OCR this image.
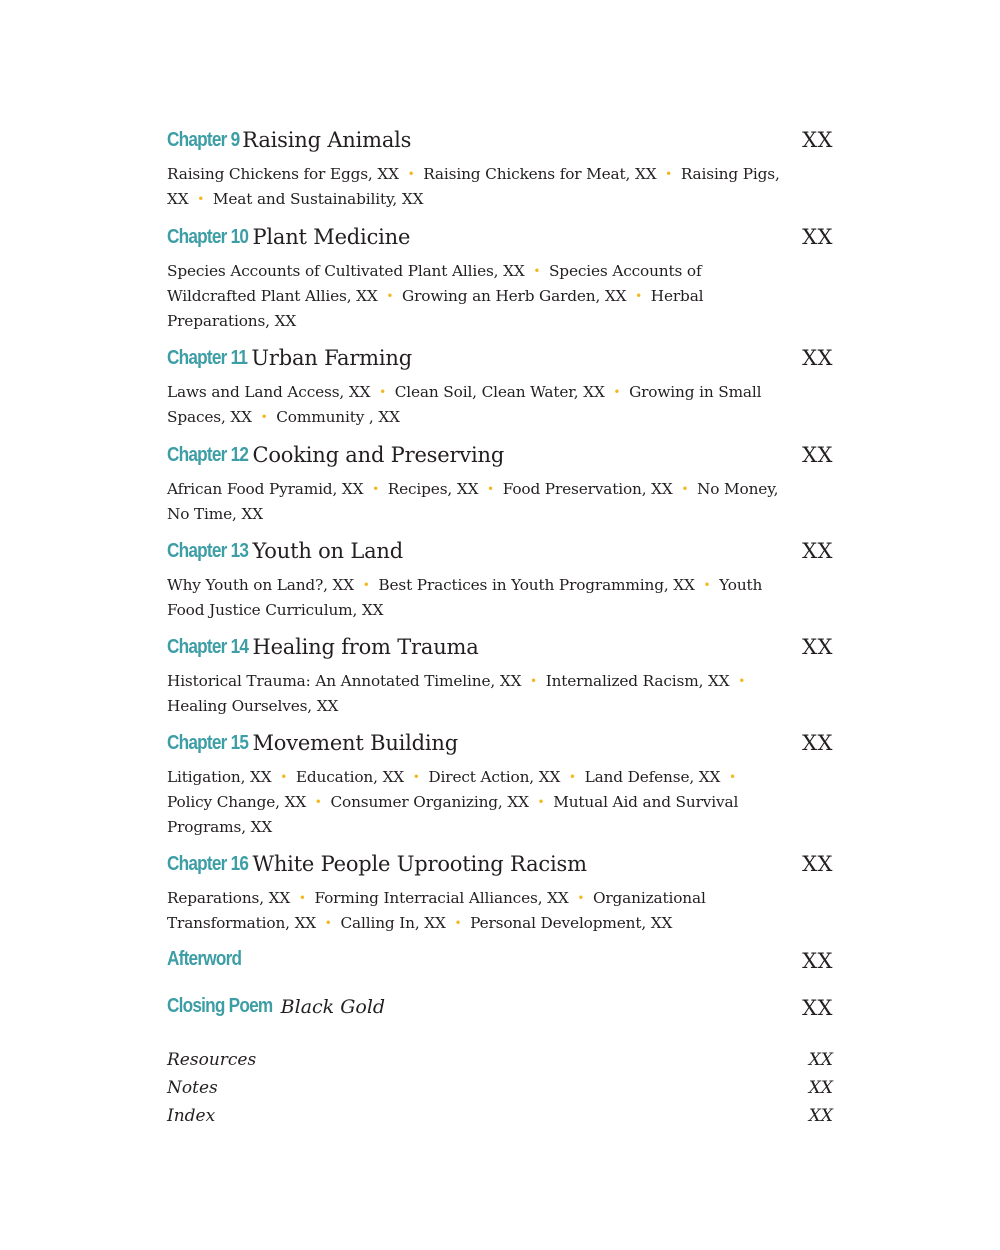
Chapter 9 Raising Animals	XX
Raising Chickens for Eggs, XX • Raising Chickens for Meat, XX • Raising Pigs, XX • Meat and Sustainability, XX
Chapter 10 Plant Medicine	XX
Species Accounts of Cultivated Plant Allies, XX • Species Accounts of Wildcrafted Plant Allies, XX • Growing an Herb Garden, XX • Herbal Preparations, XX
Chapter 11 Urban Farming	XX
Laws and Land Access, XX • Clean Soil, Clean Water, XX • Growing in Small Spaces, XX • Community , XX
Chapter 12 Cooking and Preserving	XX
African Food Pyramid, XX • Recipes, XX • Food Preservation, XX • No Money, No Time, XX
Chapter 13 Youth on Land	XX
Why Youth on Land?, XX • Best Practices in Youth Programming, XX • Youth Food Justice Curriculum, XX
Chapter 14 Healing from Trauma	XX
Historical Trauma: An Annotated Timeline, XX • Internalized Racism, XX • Healing Ourselves, XX
Chapter 15 Movement Building	XX
Litigation, XX • Education, XX • Direct Action, XX • Land Defense, XX • Policy Change, XX • Consumer Organizing, XX • Mutual Aid and Survival Programs, XX
Chapter 16 White People Uprooting Racism	XX
Reparations, XX • Forming Interracial Alliances, XX • Organizational Transformation, XX • Calling In, XX • Personal Development, XX
Afterword	XX
Closing Poem Black Gold	XX
Resources	XX
Notes	XX
Index	XX
